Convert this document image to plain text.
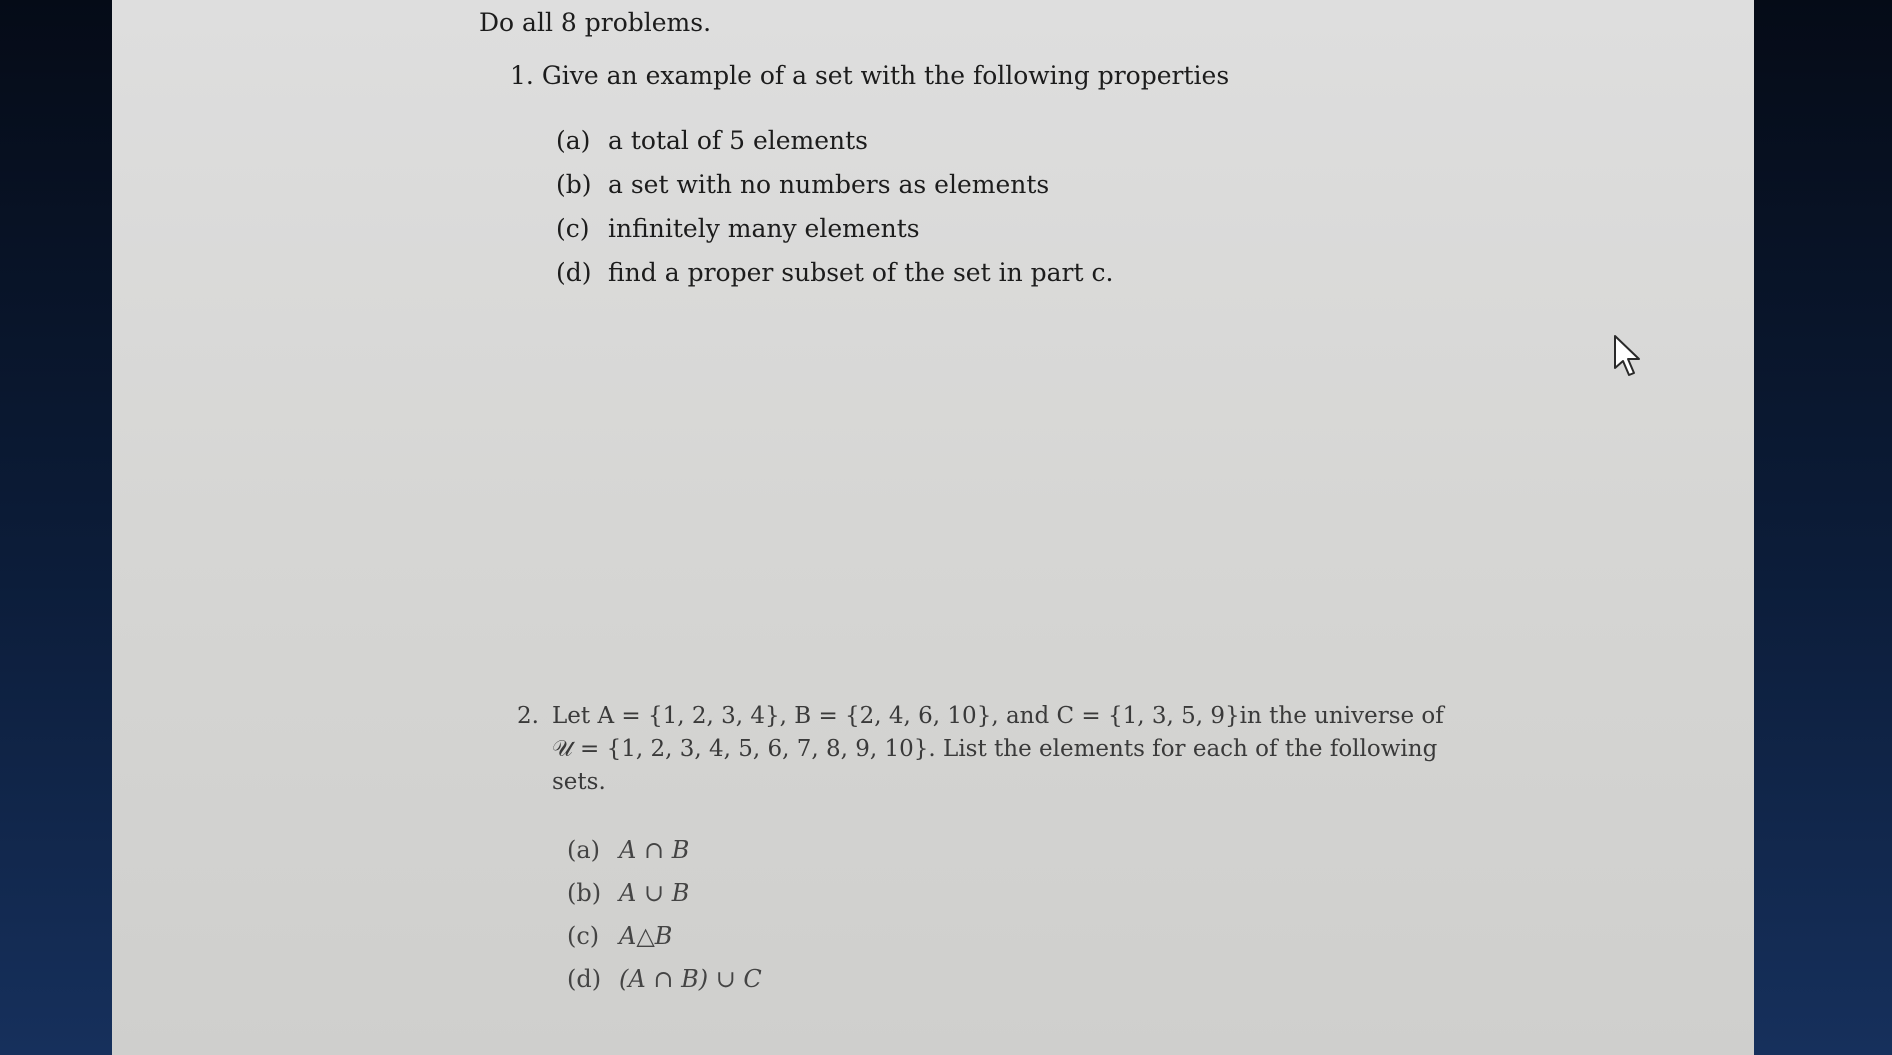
Do all 8 problems.
1. Give an example of a set with the following properties
(a) a total of 5 elements
(b) a set with no numbers as elements
(c) infinitely many elements
(d) find a proper subset of the set in part c.
2. Let A = {1, 2, 3, 4}, B = {2, 4, 6, 10}, and C = {1, 3, 5, 9}in the universe of
𝒰 = {1, 2, 3, 4, 5, 6, 7, 8, 9, 10}. List the elements for each of the following
sets.
(a) A ∩ B
(b) A ∪ B
(c) A△B
(d) (A ∩ B) ∪ C
